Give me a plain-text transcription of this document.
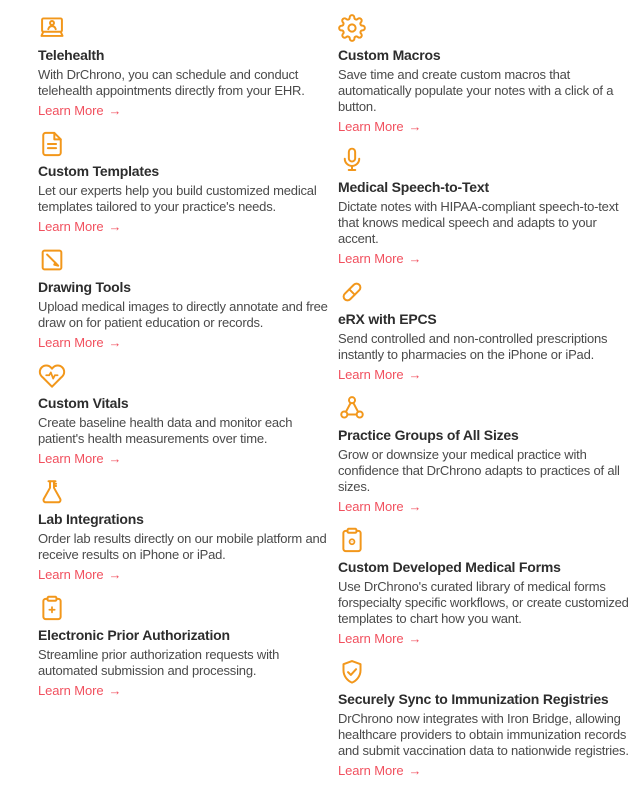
Telehealth

With DrChrono, you can schedule and conduct telehealth appointments directly from your EHR.

Learn More →
Custom Templates

Let our experts help you build customized medical templates tailored to your practice's needs.

Learn More →
Drawing Tools

Upload medical images to directly annotate and free draw on for patient education or records.

Learn More →
Custom Vitals

Create baseline health data and monitor each patient's health measurements over time.

Learn More →
Lab Integrations

Order lab results directly on our mobile platform and receive results on iPhone or iPad.

Learn More →
Electronic Prior Authorization

Streamline prior authorization requests with automated submission and processing.

Learn More →
Custom Macros

Save time and create custom macros that automatically populate your notes with a click of a button.

Learn More →
Medical Speech-to-Text

Dictate notes with HIPAA-compliant speech-to-text that knows medical speech and adapts to your accent.

Learn More →
eRX with EPCS

Send controlled and non-controlled prescriptions instantly to pharmacies on the iPhone or iPad.

Learn More →
Practice Groups of All Sizes

Grow or downsize your medical practice with confidence that DrChrono adapts to practices of all sizes.

Learn More →
Custom Developed Medical Forms

Use DrChrono's curated library of medical forms forspecialty specific workflows, or create customized templates to chart how you want.

Learn More →
Securely Sync to Immunization Registries

DrChrono now integrates with Iron Bridge, allowing healthcare providers to obtain immunization records and submit vaccination data to nationwide registries.

Learn More →
